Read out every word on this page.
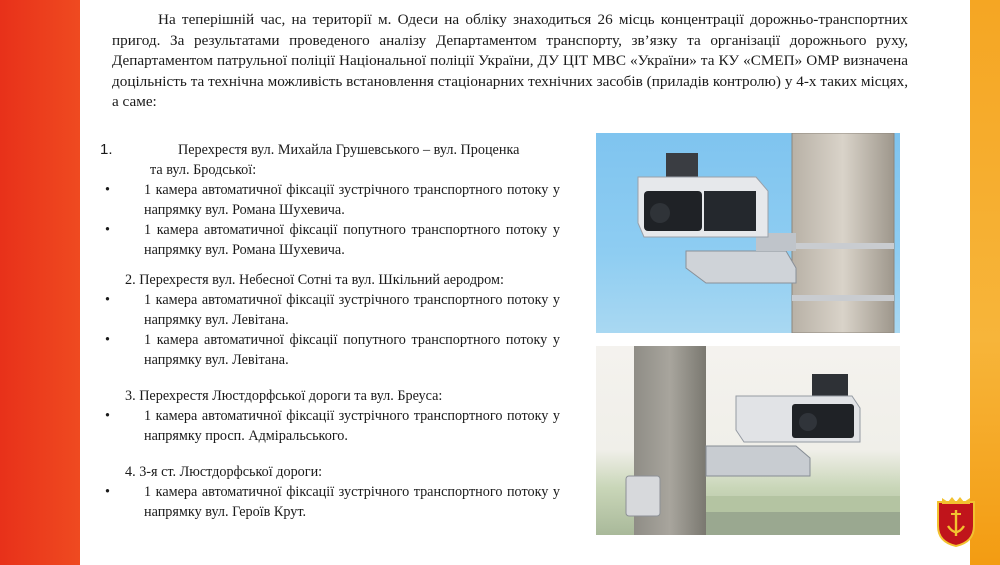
На теперішній час, на території м. Одеси на обліку знаходиться 26 місць концентрації дорожньо-транспортних пригод. За результатами проведеного аналізу Департаментом транспорту, зв’язку та організації дорожнього руху, Департаментом патрульної поліції Національної поліції України, ДУ ЦІТ МВС «України» та КУ «СМЕП» ОМР визначена доцільність та технічна можливість встановлення стаціонарних технічних засобів (приладів контролю) у 4-х таких місцях, а саме:

1.	Перехрестя вул. Михайла Грушевського – вул. Проценка
та вул. Бродської:
•	1 камера автоматичної фіксації зустрічного транспортного потоку у напрямку вул. Романа Шухевича.
•	1 камера автоматичної фіксації попутного транспортного потоку у напрямку вул. Романа Шухевича.
2. Перехрестя вул. Небесної Сотні та вул. Шкільний аеродром:
•	1 камера автоматичної фіксації зустрічного транспортного потоку у напрямку вул. Левітана.
•	1 камера автоматичної фіксації попутного транспортного потоку у напрямку вул. Левітана.
3. Перехрестя Люстдорфської дороги та вул. Бреуса:
•	1 камера автоматичної фіксації зустрічного транспортного потоку у напрямку просп. Адміральського.
4. 3-я ст. Люстдорфської дороги:
•	1 камера автоматичної фіксації зустрічного транспортного потоку у напрямку вул. Героїв Крут.
